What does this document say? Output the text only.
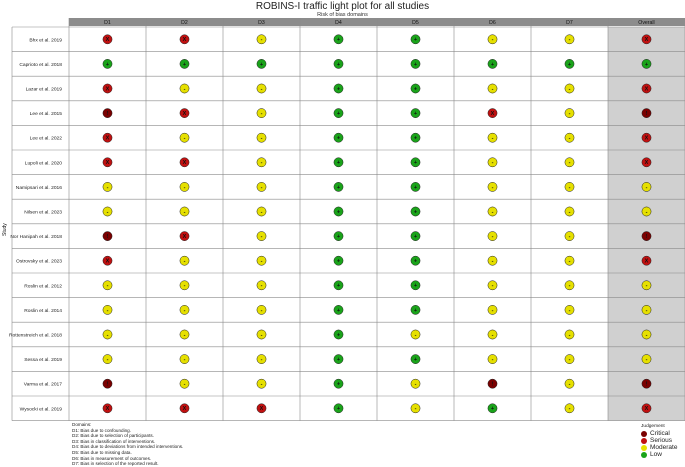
ROBINS-I traffic light plot for all studies
Risk of bias domains
Study
D1	D2	D3	D4	D5	D6	D7	Overall
Bhx et al. 2019	X	X	-	+	+	-	-	X
Caprioto et al. 2018	+	+	+	+	+	+	+	+
Lazar et al. 2019	X	-	-	+	+	-	-	X
Lee et al. 2015	!	X	-	+	+	X	-	!
Lee et al. 2022	X	-	-	+	+	-	-	X
Lupoli et al. 2020	X	X	-	+	+	-	-	X
Namipsari et al. 2016	-	-	-	+	+	-	-	-
Nilsen et al. 2023	-	-	-	+	+	-	-	-
Nor Hanipah et al. 2018	!	X	-	+	+	-	-	!
Ostrovsky et al. 2023	X	-	-	+	+	-	-	X
Roslin et al. 2012	-	-	-	+	+	-	-	-
Roslin et al. 2014	-	-	-	+	+	-	-	-
Rottenstreich et al. 2018	-	-	-	+	-	-	-	-
Sessa et al. 2019	-	-	-	+	+	-	-	-
Varma et al. 2017	!	-	-	+	-	!	-	!
Wysocki et al. 2019	X	X	X	+	-	+	-	X
Domains:
D1: Bias due to confounding.
D2: Bias due to selection of participants.
D3: Bias in classification of interventions.
D4: Bias due to deviations from intended interventions.
D5: Bias due to missing data.
D6: Bias in measurement of outcomes.
D7: Bias in selection of the reported result.
Judgement
Critical
Serious
Moderate
Low
